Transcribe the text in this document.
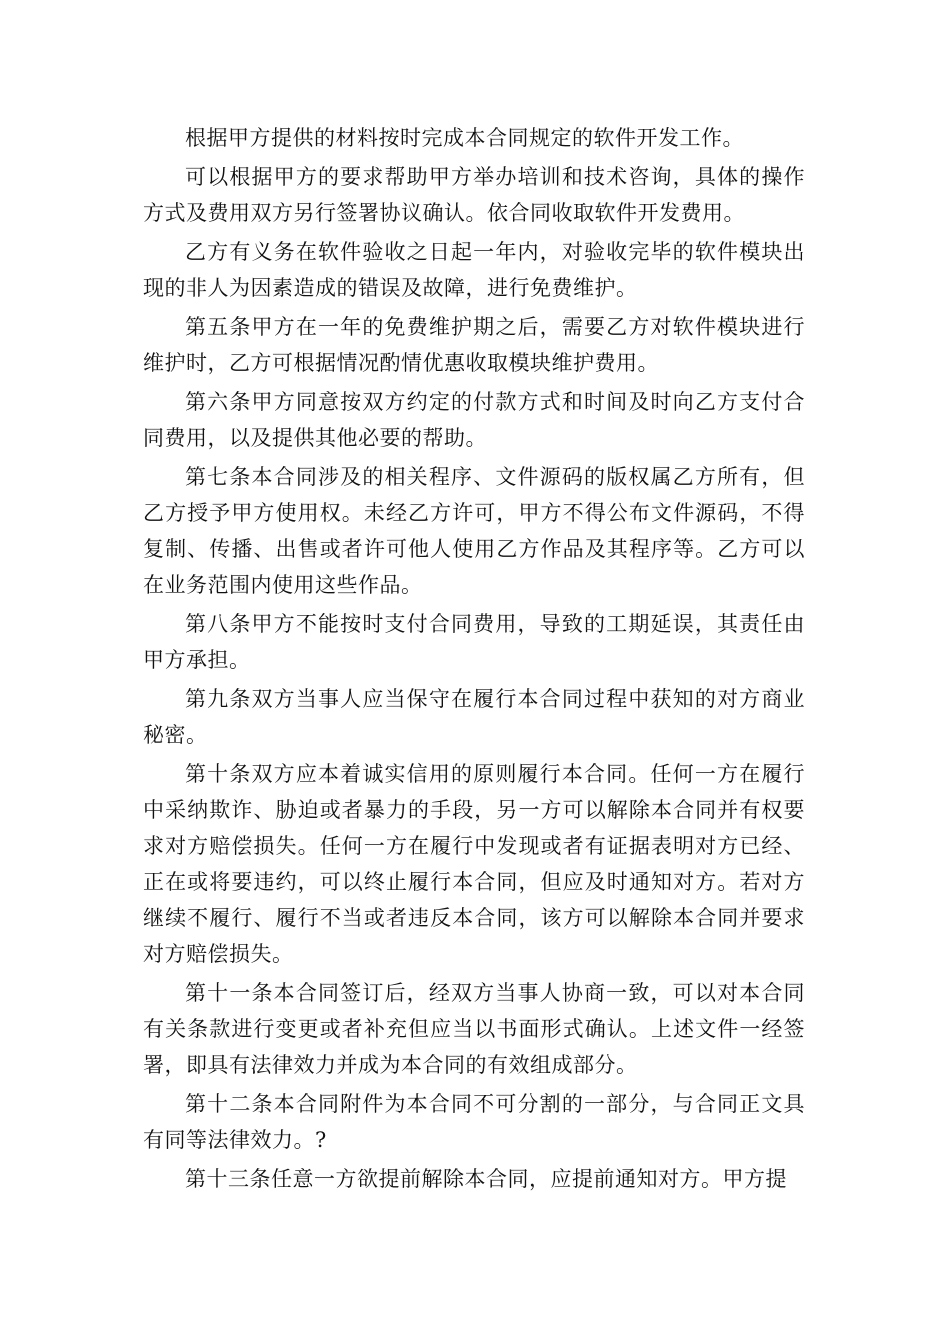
根据甲方提供的材料按时完成本合同规定的软件开发工作。

可以根据甲方的要求帮助甲方举办培训和技术咨询，具体的操作方式及费用双方另行签署协议确认。依合同收取软件开发费用。

乙方有义务在软件验收之日起一年内，对验收完毕的软件模块出现的非人为因素造成的错误及故障，进行免费维护。

第五条甲方在一年的免费维护期之后，需要乙方对软件模块进行维护时，乙方可根据情况酌情优惠收取模块维护费用。

第六条甲方同意按双方约定的付款方式和时间及时向乙方支付合同费用，以及提供其他必要的帮助。

第七条本合同涉及的相关程序、文件源码的版权属乙方所有，但乙方授予甲方使用权。未经乙方许可，甲方不得公布文件源码，不得复制、传播、出售或者许可他人使用乙方作品及其程序等。乙方可以在业务范围内使用这些作品。

第八条甲方不能按时支付合同费用，导致的工期延误，其责任由甲方承担。

第九条双方当事人应当保守在履行本合同过程中获知的对方商业秘密。

第十条双方应本着诚实信用的原则履行本合同。任何一方在履行中采纳欺诈、胁迫或者暴力的手段，另一方可以解除本合同并有权要求对方赔偿损失。任何一方在履行中发现或者有证据表明对方已经、正在或将要违约，可以终止履行本合同，但应及时通知对方。若对方继续不履行、履行不当或者违反本合同，该方可以解除本合同并要求对方赔偿损失。

第十一条本合同签订后，经双方当事人协商一致，可以对本合同有关条款进行变更或者补充但应当以书面形式确认。上述文件一经签署，即具有法律效力并成为本合同的有效组成部分。

第十二条本合同附件为本合同不可分割的一部分，与合同正文具有同等法律效力。?

第十三条任意一方欲提前解除本合同，应提前通知对方。甲方提
